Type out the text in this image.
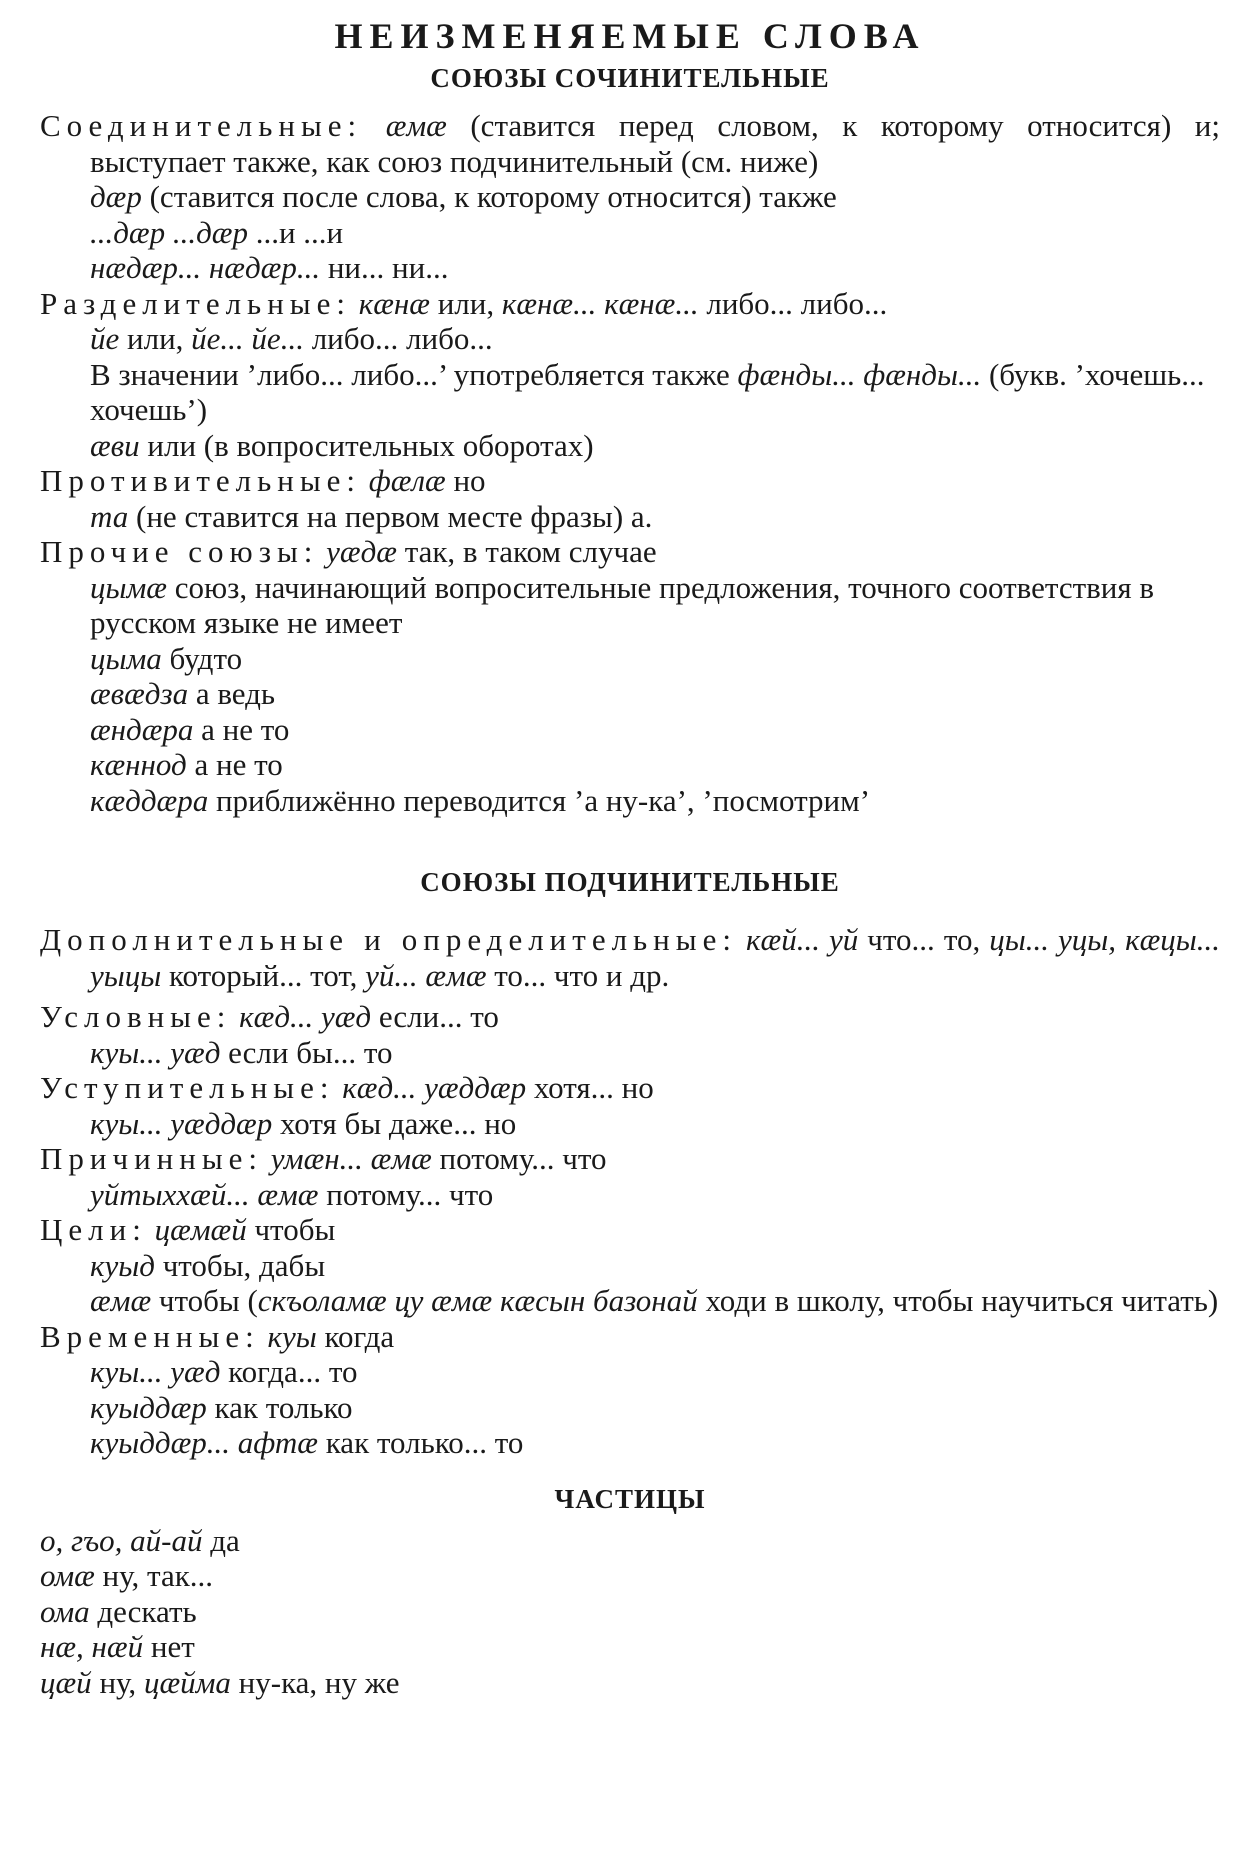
НЕИЗМЕНЯЕМЫЕ СЛОВА
СОЮЗЫ СОЧИНИТЕЛЬНЫЕ

Соединительные: æмæ (ставится перед словом, к которому относится) и; выступает также, как союз подчинительный (см. ниже)

дæр (ставится после слова, к которому относится) также

...дæр ...дæр ...и ...и

нæдæр... нæдæр... ни... ни...

Разделительные: кæнæ или, кæнæ... кæнæ... либо... либо...

йе или, йе... йе... либо... либо...

В значении ’либо... либо...’ употребляется также фæнды... фæнды... (букв. ’хочешь... хочешь’)

æви или (в вопросительных оборотах)

Противительные: фæлæ но

та (не ставится на первом месте фразы) а.

Прочие союзы: уæдæ так, в таком случае

цымæ союз, начинающий вопросительные предложения, точного соответствия в русском языке не имеет

цыма будто

æвæдза а ведь

æндæра а не то

кæннод а не то

кæддæра приближённо переводится ’а ну-ка’, ’посмотрим’

СОЮЗЫ ПОДЧИНИТЕЛЬНЫЕ

Дополнительные и определительные: кæй... уй что... то, цы... уцы, кæцы... уыцы который... тот, уй... æмæ то... что и др.

Условные: кæд... уæд если... то

куы... уæд если бы... то

Уступительные: кæд... уæддæр хотя... но

куы... уæддæр хотя бы даже... но

Причинные: умæн... æмæ потому... что

уйтыххæй... æмæ потому... что

Цели: цæмæй чтобы

куыд чтобы, дабы

æмæ чтобы (скъоламæ цу æмæ кæсын базонай ходи в школу, чтобы научиться читать)

Временные: куы когда

куы... уæд когда... то

куыддæр как только

куыддæр... афтæ как только... то

ЧАСТИЦЫ

о, гъо, ай-ай да

омæ ну, так...

ома дескать

нæ, нæй нет

цæй ну, цæйма ну-ка, ну же
